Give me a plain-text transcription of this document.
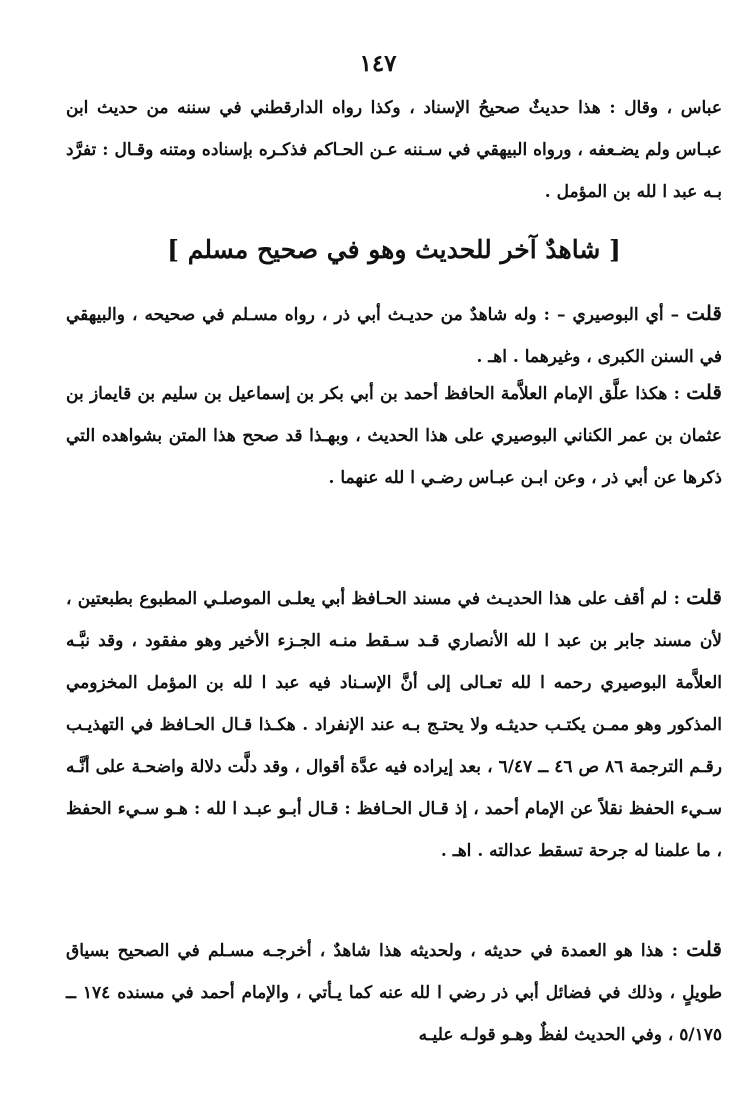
١٤٧

عباس ، وقال : هذا حديثٌ صحيحُ الإسناد ، وكذا رواه الدارقطني في سننه من حديث ابن عبـاس ولم يضـعفه ، ورواه البيهقي في سـننه عـن الحـاكم فذكـره بإسناده ومتنه وقـال : تفرَّد بـه عبد ا لله بن المؤمل .

[ شاهدٌ آخر للحديث وهو في صحيح مسلم ]

قلت – أي البوصيري – : وله شاهدٌ من حديـث أبي ذر ، رواه مسـلم في صحيحه ، والبيهقي في السنن الكبرى ، وغيرهما . اهـ .

قلت : هكذا علَّق الإمام العلاَّمة الحافظ أحمد بن أبي بكر بن إسماعيل بن سليم بن قايماز بن عثمان بن عمر الكناني البوصيري على هذا الحديث ، وبهـذا قد صحح هذا المتن بشواهده التي ذكرها عن أبي ذر ، وعن ابـن عبـاس رضـي ا لله عنهما .

قلت : لم أقف على هذا الحديـث في مسند الحـافظ أبي يعلـى الموصلـي المطبوع بطبعتين ، لأن مسند جابر بن عبد ا لله الأنصاري قـد سـقط منـه الجـزء الأخير وهو مفقود ، وقد نبَّـه العلاَّمة البوصيري رحمه ا لله تعـالى إلى أنَّ الإسـناد فيه عبد ا لله بن المؤمل المخزومي المذكور وهو ممـن يكتـب حديثـه ولا يحتـج بـه عند الإنفراد . هكـذا قـال الحـافظ في التهذيـب رقـم الترجمة ٨٦ ص ٤٦ ــ ٦/٤٧ ، بعد إيراده فيه عدَّة أقوال ، وقد دلَّت دلالة واضحـة على أنَّـه سـيء الحفظ نقلاً عن الإمام أحمد ، إذ قـال الحـافظ : قـال أبـو عبـد ا لله : هـو سـيء الحفظ ، ما علمنا له جرحة تسقط عدالته . اهـ .

قلت : هذا هو العمدة في حديثه ، ولحديثه هذا شاهدٌ ، أخرجـه مسـلم في الصحيح بسياق طويلٍ ، وذلك في فضائل أبي ذر رضي ا لله عنه كما يـأتي ، والإمام أحمد في مسنده ١٧٤ ــ ٥/١٧٥ ، وفي الحديث لفظٌ وهـو قولـه عليـه
